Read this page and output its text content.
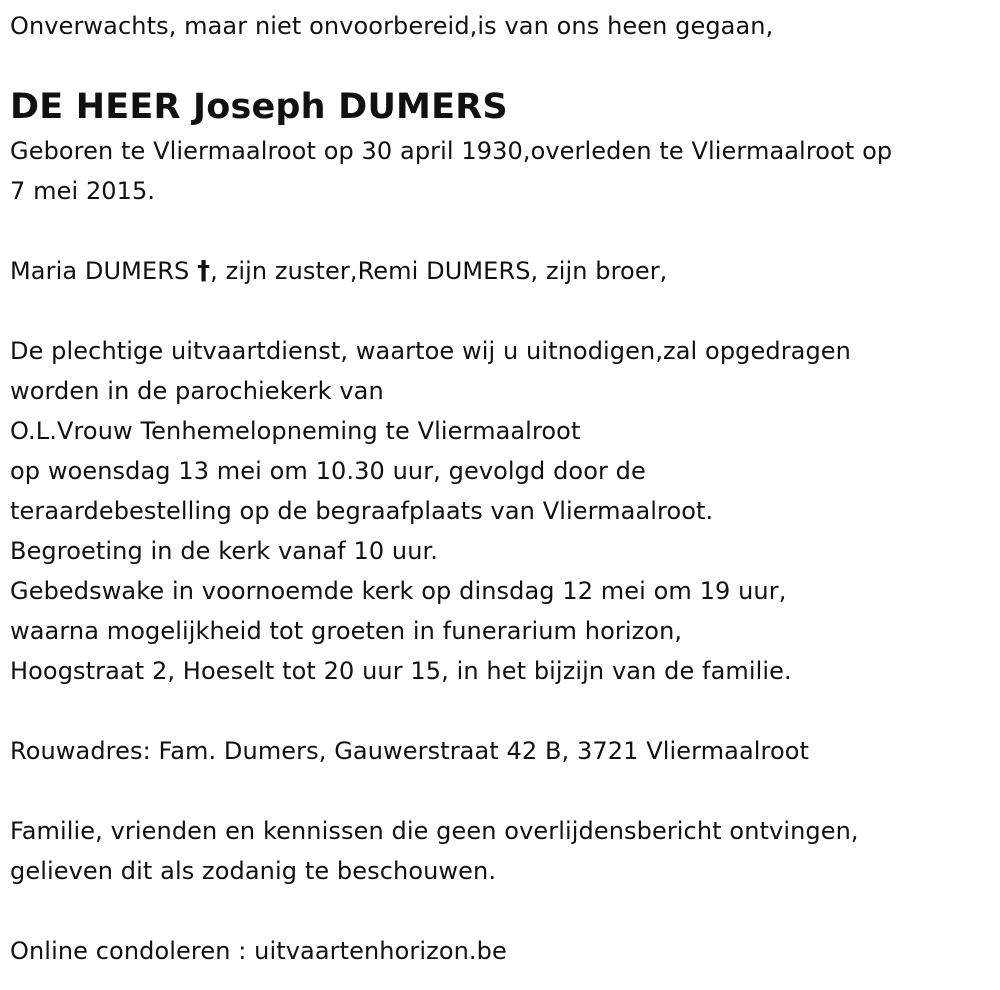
Onverwachts, maar niet onvoorbereid,is van ons heen gegaan,
DE HEER Joseph DUMERS
Geboren te Vliermaalroot op 30 april 1930,overleden te Vliermaalroot op
7 mei 2015.
Maria DUMERS †, zijn zuster,Remi DUMERS, zijn broer,
De plechtige uitvaartdienst, waartoe wij u uitnodigen,zal opgedragen
worden in de parochiekerk van
O.L.Vrouw Tenhemelopneming te Vliermaalroot
op woensdag 13 mei om 10.30 uur, gevolgd door de
teraardebestelling op de begraafplaats van Vliermaalroot.
Begroeting in de kerk vanaf 10 uur.
Gebedswake in voornoemde kerk op dinsdag 12 mei om 19 uur,
waarna mogelijkheid tot groeten in funerarium horizon,
Hoogstraat 2, Hoeselt tot 20 uur 15, in het bijzijn van de familie.
Rouwadres: Fam. Dumers, Gauwerstraat 42 B, 3721 Vliermaalroot
Familie, vrienden en kennissen die geen overlijdensbericht ontvingen,
gelieven dit als zodanig te beschouwen.
Online condoleren : uitvaartenhorizon.be
